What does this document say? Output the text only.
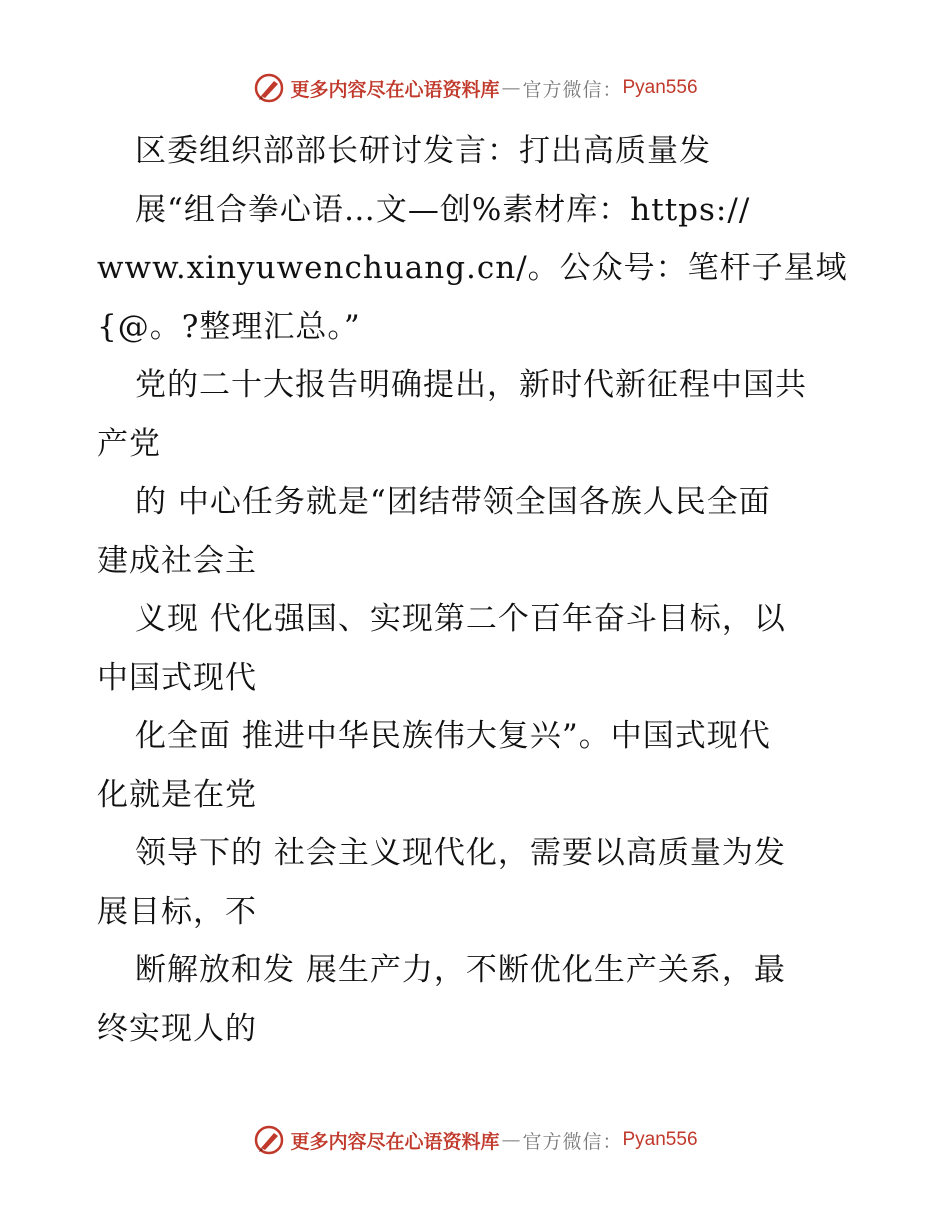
更多内容尽在心语资料库 — 官方微信： Pyan556
区委组织部部长研讨发言：打出高质量发
展“组合拳心语…文—创%素材库：https://
www.xinyuwenchuang.cn/。公众号：笔杆子星域
{@。?整理汇总。”
党的二十大报告明确提出，新时代新征程中国共
产党
的 中心任务就是“团结带领全国各族人民全面
建成社会主
义现 代化强国、实现第二个百年奋斗目标，以
中国式现代
化全面 推进中华民族伟大复兴”。中国式现代
化就是在党
领导下的 社会主义现代化，需要以高质量为发
展目标，不
断解放和发 展生产力，不断优化生产关系，最
终实现人的
更多内容尽在心语资料库 — 官方微信： Pyan556
